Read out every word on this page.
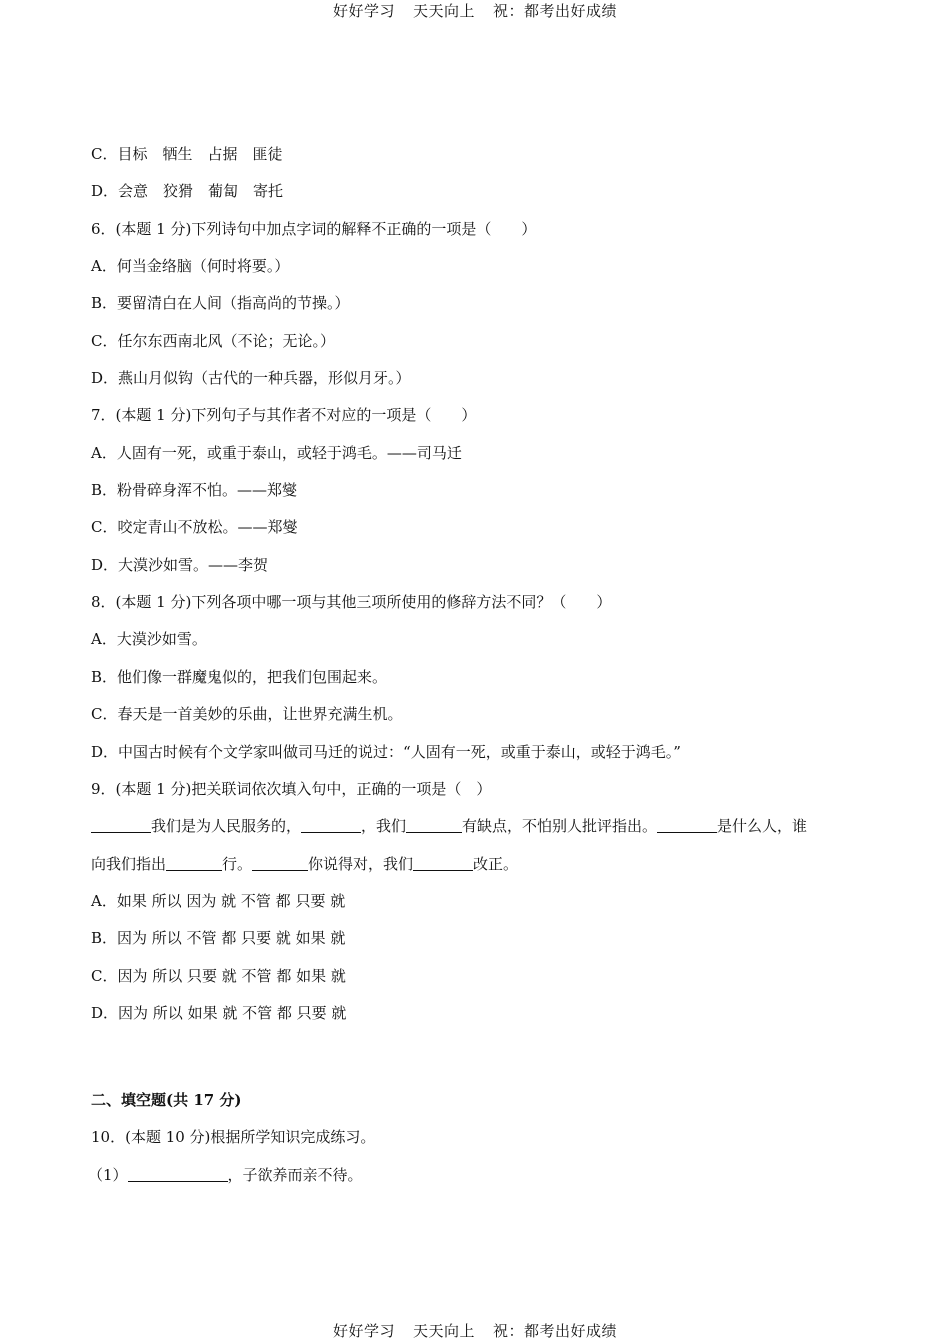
好好学习 天天向上 祝：都考出好成绩
C．目标　牺生　占据　匪徒
D．会意　狡猾　葡匐　寄托
6．(本题 1 分)下列诗句中加点字词的解释不正确的一项是（　　）
A．何当金络脑（何时将要。）
B．要留清白在人间（指高尚的节操。）
C．任尔东西南北风（不论；无论。）
D．燕山月似钩（古代的一种兵器，形似月牙。）
7．(本题 1 分)下列句子与其作者不对应的一项是（　　）
A．人固有一死，或重于泰山，或轻于鸿毛。——司马迁
B．粉骨碎身浑不怕。——郑燮
C．咬定青山不放松。——郑燮
D．大漠沙如雪。——李贺
8．(本题 1 分)下列各项中哪一项与其他三项所使用的修辞方法不同？（　　）
A．大漠沙如雪。
B．他们像一群魔鬼似的，把我们包围起来。
C．春天是一首美妙的乐曲，让世界充满生机。
D．中国古时候有个文学家叫做司马迁的说过：“人固有一死，或重于泰山，或轻于鸿毛。”
9．(本题 1 分)把关联词依次填入句中，正确的一项是（　）
我们是为人民服务的，	，我们	有缺点，不怕别人批评指出。	是什么人，谁
向我们指出	行。	你说得对，我们	改正。
A．如果 所以 因为 就 不管 都 只要 就
B．因为 所以 不管 都 只要 就 如果 就
C．因为 所以 只要 就 不管 都 如果 就
D．因为 所以 如果 就 不管 都 只要 就
二、填空题(共 17 分)
10．(本题 10 分)根据所学知识完成练习。
（1）	，子欲养而亲不待。
好好学习 天天向上 祝：都考出好成绩
